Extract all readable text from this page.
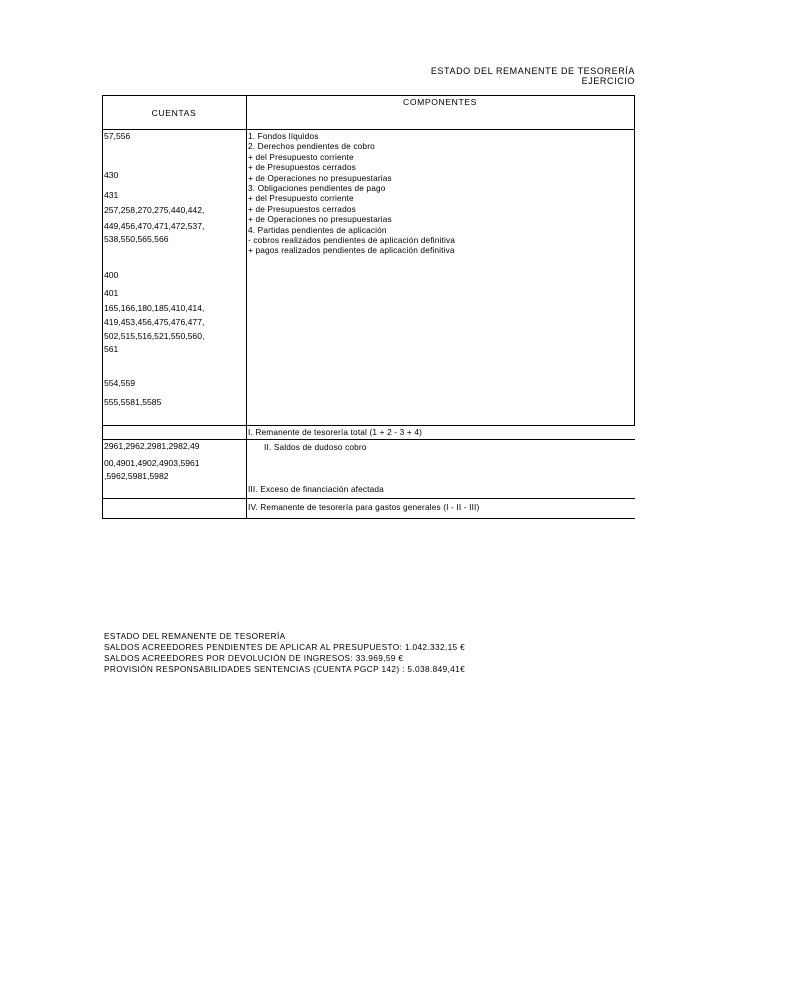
ESTADO DEL REMANENTE DE TESORERÍA
EJERCICIO
CUENTAS
COMPONENTES
57,556
430
431
257,258,270,275,440,442,
449,456,470,471,472,537,
538,550,565,566
400
401
165,166,180,185,410,414,
419,453,456,475,476,477,
502,515,516,521,550,560,
561
554,559
555,5581,5585
1. Fondos líquidos
2. Derechos pendientes de cobro
+ del Presupuesto corriente
+ de Presupuestos cerrados
+ de Operaciones no presupuestarias
3. Obligaciones pendientes de pago
+ del Presupuesto corriente
+ de Presupuestos cerrados
+ de Operaciones no presupuestarias
4. Partidas pendientes de aplicación
- cobros realizados pendientes de aplicación definitiva
+ pagos realizados pendientes de aplicación definitiva
I. Remanente de tesorería total (1 + 2 - 3 + 4)
2961,2962,2981,2982,49
00,4901,4902,4903,5961
,5962,5981,5982
II. Saldos de dudoso cobro
III. Exceso de financiación afectada
IV. Remanente de tesorería para gastos generales (I - II - III)
ESTADO DEL REMANENTE DE TESORERÍA
SALDOS ACREEDORES PENDIENTES DE APLICAR AL PRESUPUESTO: 1.042.332,15 €
SALDOS ACREEDORES POR DEVOLUCIÓN DE INGRESOS: 33.969,59 €
PROVISIÓN RESPONSABILIDADES SENTENCIAS (CUENTA PGCP 142) : 5.038.849,41€
